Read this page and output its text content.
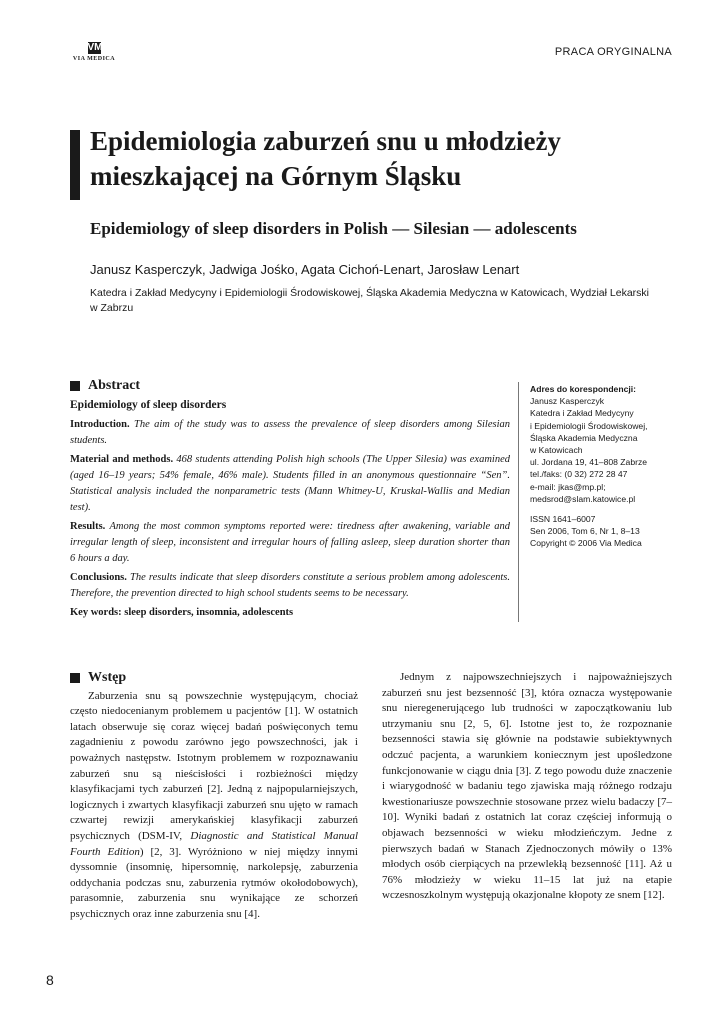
VM
VIA MEDICA
PRACA ORYGINALNA
Epidemiologia zaburzeń snu u młodzieży mieszkającej na Górnym Śląsku
Epidemiology of sleep disorders in Polish — Silesian — adolescents
Janusz Kasperczyk, Jadwiga Jośko, Agata Cichoń-Lenart, Jarosław Lenart
Katedra i Zakład Medycyny i Epidemiologii Środowiskowej, Śląska Akademia Medyczna w Katowicach, Wydział Lekarski w Zabrzu
Abstract
Epidemiology of sleep disorders

Introduction. The aim of the study was to assess the prevalence of sleep disorders among Silesian students.

Material and methods. 468 students attending Polish high schools (The Upper Silesia) was examined (aged 16–19 years; 54% female, 46% male). Students filled in an anonymous questionnaire “Sen”. Statistical analysis included the nonparametric tests (Mann Whitney-U, Kruskal-Wallis and Median test).

Results. Among the most common symptoms reported were: tiredness after awakening, variable and irregular length of sleep, inconsistent and irregular hours of falling asleep, sleep duration shorter than 6 hours a day.

Conclusions. The results indicate that sleep disorders constitute a serious problem among adolescents. Therefore, the prevention directed to high school students seems to be necessary.

Key words: sleep disorders, insomnia, adolescents

Adres do korespondencji:
Janusz Kasperczyk
Katedra i Zakład Medycyny
i Epidemiologii Środowiskowej,
Śląska Akademia Medyczna
w Katowicach
ul. Jordana 19, 41–808 Zabrze
tel./faks: (0 32) 272 28 47
e-mail: jkas@mp.pl;
medsrod@slam.katowice.pl
ISSN 1641–6007
Sen 2006, Tom 6, Nr 1, 8–13
Copyright © 2006 Via Medica
Wstęp

Zaburzenia snu są powszechnie występującym, chociaż często niedocenianym problemem u pacjentów [1]. W ostatnich latach obserwuje się coraz więcej badań poświęconych temu zagadnieniu z powodu zarówno jego powszechności, jak i poważnych następstw. Istotnym problemem w rozpoznawaniu zaburzeń snu są nieścisłości i rozbieżności między klasyfikacjami tych zaburzeń [2]. Jedną z najpopularniejszych, logicznych i zwartych klasyfikacji zaburzeń snu ujęto w ramach czwartej rewizji amerykańskiej klasyfikacji zaburzeń psychicznych (DSM-IV, Diagnostic and Statistical Manual Fourth Edition) [2, 3]. Wyróżniono w niej między innymi dyssomnie (insomnię, hipersomnię, narkolepsję, zaburzenia oddychania podczas snu, zaburzenia rytmów okołodobowych), parasomnie, zaburzenia snu wynikające ze schorzeń psychicznych oraz inne zaburzenia snu [4].

Jednym z najpowszechniejszych i najpoważniejszych zaburzeń snu jest bezsenność [3], która oznacza występowanie snu nieregenerującego lub trudności w zapoczątkowaniu lub utrzymaniu snu [2, 5, 6]. Istotne jest to, że rozpoznanie bezsenności stawia się głównie na podstawie subiektywnych odczuć pacjenta, a warunkiem koniecznym jest upośledzone funkcjonowanie w ciągu dnia [3]. Z tego powodu duże znaczenie i wiarygodność w badaniu tego zjawiska mają różnego rodzaju kwestionariusze powszechnie stosowane przez wielu badaczy [7–10]. Wyniki badań z ostatnich lat coraz częściej informują o objawach bezsenności w wieku młodzieńczym. Jedne z pierwszych badań w Stanach Zjednoczonych mówiły o 13% młodych osób cierpiących na przewlekłą bezsenność [11]. Aż u 76% młodzieży w wieku 11–15 lat już na etapie wczesnoszkolnym występują okazjonalne kłopoty ze snem [12].

8
